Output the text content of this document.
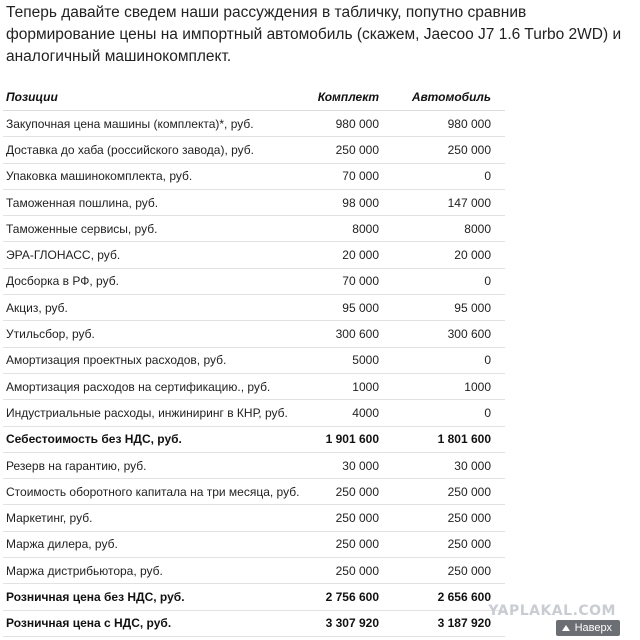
Теперь давайте сведем наши рассуждения в табличку, попутно сравнив формирование цены на импортный автомобиль (скажем, Jaecoo J7 1.6 Turbo 2WD) и аналогичный машинокомплект.

Позиции	Комплект	Автомобиль
Закупочная цена машины (комплекта)*, руб.	980 000	980 000
Доставка до хаба (российского завода), руб.	250 000	250 000
Упаковка машинокомплекта, руб.	70 000	0
Таможенная пошлина, руб.	98 000	147 000
Таможенные сервисы, руб.	8000	8000
ЭРА-ГЛОНАСС, руб.	20 000	20 000
Досборка в РФ, руб.	70 000	0
Акциз, руб.	95 000	95 000
Утильсбор, руб.	300 600	300 600
Амортизация проектных расходов, руб.	5000	0
Амортизация расходов на сертификацию., руб.	1000	1000
Индустриальные расходы, инжиниринг в КНР, руб.	4000	0
Себестоимость без НДС, руб.	1 901 600	1 801 600
Резерв на гарантию, руб.	30 000	30 000
Стоимость оборотного капитала на три месяца, руб.	250 000	250 000
Маркетинг, руб.	250 000	250 000
Маржа дилера, руб.	250 000	250 000
Маржа дистрибьютора, руб.	250 000	250 000
Розничная цена без НДС, руб.	2 756 600	2 656 600
Розничная цена с НДС, руб.	3 307 920	3 187 920
YAPLAKAL.COM
Наверх
